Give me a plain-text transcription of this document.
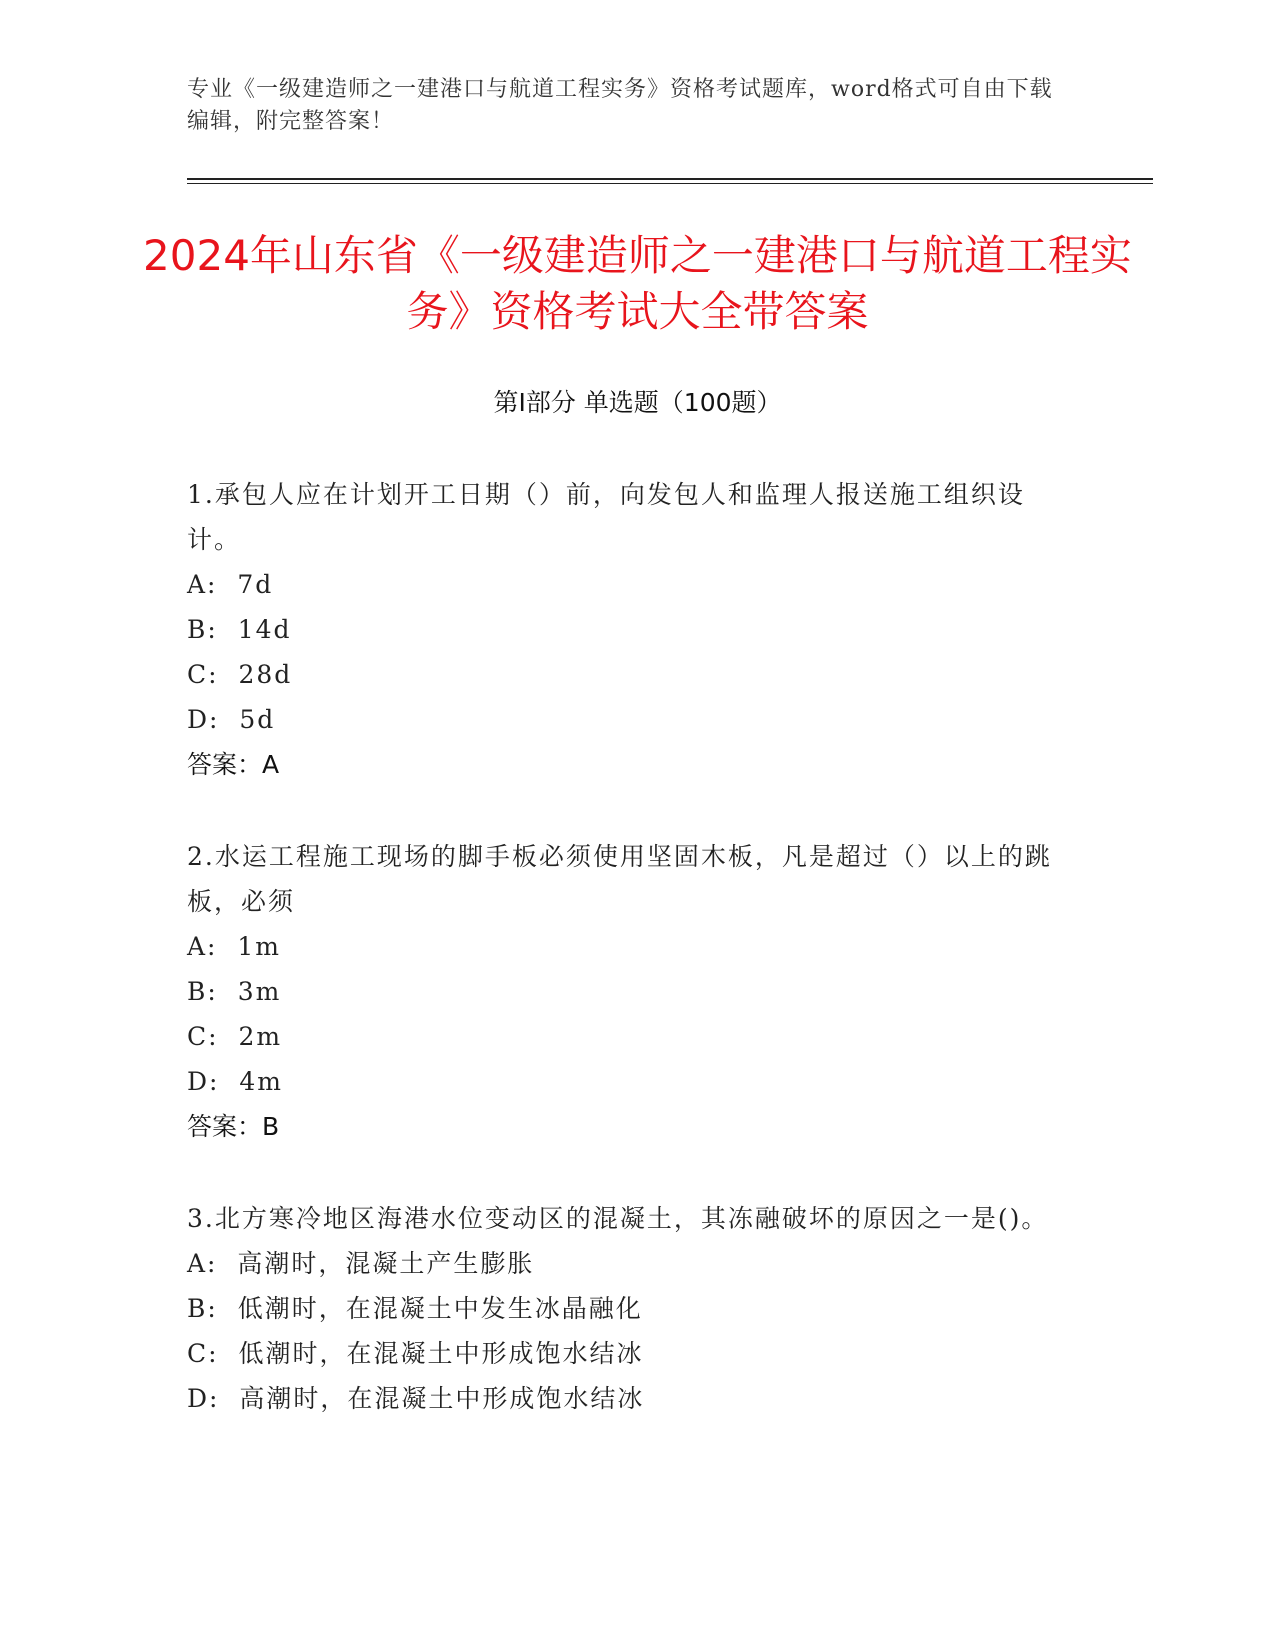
专业《一级建造师之一建港口与航道工程实务》资格考试题库，word格式可自由下载编辑，附完整答案！
2024年山东省《一级建造师之一建港口与航道工程实务》资格考试大全带答案
第I部分 单选题（100题）
1.承包人应在计划开工日期（）前，向发包人和监理人报送施工组织设计。
A:  7d
B:  14d
C:  28d
D:  5d
答案：A
2.水运工程施工现场的脚手板必须使用坚固木板，凡是超过（）以上的跳板，必须
A:  1m
B:  3m
C:  2m
D:  4m
答案：B
3.北方寒冷地区海港水位变动区的混凝土，其冻融破坏的原因之一是()。
A:  高潮时，混凝土产生膨胀
B:  低潮时，在混凝土中发生冰晶融化
C:  低潮时，在混凝土中形成饱水结冰
D:  高潮时，在混凝土中形成饱水结冰
